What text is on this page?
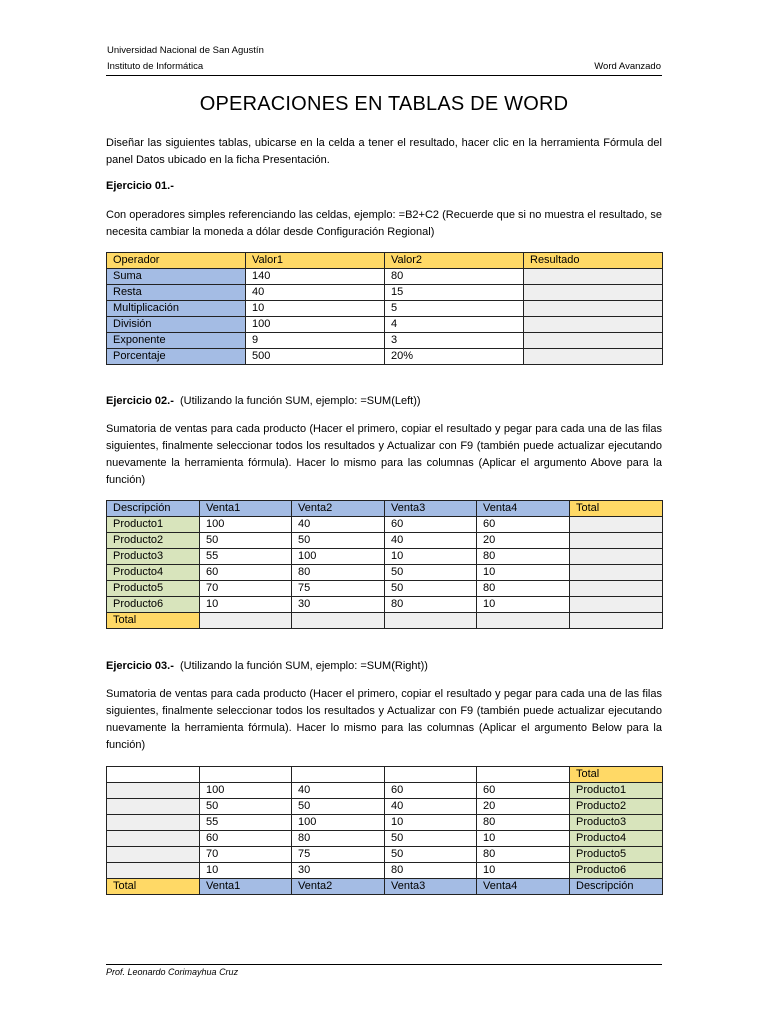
Universidad Nacional de San Agustín
Instituto de Informática	Word Avanzado
OPERACIONES EN TABLAS DE WORD
Diseñar las siguientes tablas, ubicarse en la celda a tener el resultado, hacer clic en la herramienta Fórmula del panel Datos ubicado en la ficha Presentación.
Ejercicio 01.-
Con operadores simples referenciando las celdas, ejemplo: =B2+C2 (Recuerde que si no muestra el resultado, se necesita cambiar la moneda a dólar desde Configuración Regional)
Operador	Valor1	Valor2	Resultado
Suma	140	80	
Resta	40	15	
Multiplicación	10	5	
División	100	4	
Exponente	9	3	
Porcentaje	500	20%	
Ejercicio 02.- (Utilizando la función SUM, ejemplo: =SUM(Left))
Sumatoria de ventas para cada producto (Hacer el primero, copiar el resultado y pegar para cada una de las filas siguientes, finalmente seleccionar todos los resultados y Actualizar con F9 (también puede actualizar ejecutando nuevamente la herramienta fórmula). Hacer lo mismo para las columnas (Aplicar el argumento Above para la función)
Descripción	Venta1	Venta2	Venta3	Venta4	Total
Producto1	100	40	60	60	
Producto2	50	50	40	20	
Producto3	55	100	10	80	
Producto4	60	80	50	10	
Producto5	70	75	50	80	
Producto6	10	30	80	10	
Total					
Ejercicio 03.- (Utilizando la función SUM, ejemplo: =SUM(Right))
Sumatoria de ventas para cada producto (Hacer el primero, copiar el resultado y pegar para cada una de las filas siguientes, finalmente seleccionar todos los resultados y Actualizar con F9 (también puede actualizar ejecutando nuevamente la herramienta fórmula). Hacer lo mismo para las columnas (Aplicar el argumento Below para la función)
					Total
	100	40	60	60	Producto1
	50	50	40	20	Producto2
	55	100	10	80	Producto3
	60	80	50	10	Producto4
	70	75	50	80	Producto5
	10	30	80	10	Producto6
Total	Venta1	Venta2	Venta3	Venta4	Descripción
Prof. Leonardo Corimayhua Cruz
